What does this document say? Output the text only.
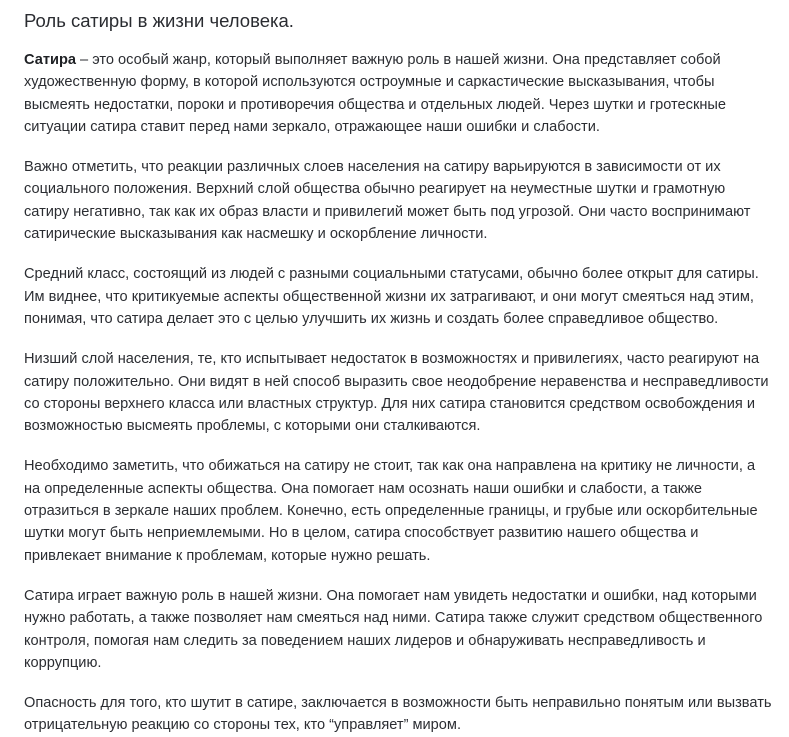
Роль сатиры в жизни человека.

Сатира – это особый жанр, который выполняет важную роль в нашей жизни. Она представляет собой художественную форму, в которой используются остроумные и саркастические высказывания, чтобы высмеять недостатки, пороки и противоречия общества и отдельных людей. Через шутки и гротескные ситуации сатира ставит перед нами зеркало, отражающее наши ошибки и слабости.

Важно отметить, что реакции различных слоев населения на сатиру варьируются в зависимости от их социального положения. Верхний слой общества обычно реагирует на неуместные шутки и грамотную сатиру негативно, так как их образ власти и привилегий может быть под угрозой. Они часто воспринимают сатирические высказывания как насмешку и оскорбление личности.

Средний класс, состоящий из людей с разными социальными статусами, обычно более открыт для сатиры. Им виднее, что критикуемые аспекты общественной жизни их затрагивают, и они могут смеяться над этим, понимая, что сатира делает это с целью улучшить их жизнь и создать более справедливое общество.

Низший слой населения, те, кто испытывает недостаток в возможностях и привилегиях, часто реагируют на сатиру положительно. Они видят в ней способ выразить свое неодобрение неравенства и несправедливости со стороны верхнего класса или властных структур. Для них сатира становится средством освобождения и возможностью высмеять проблемы, с которыми они сталкиваются.

Необходимо заметить, что обижаться на сатиру не стоит, так как она направлена на критику не личности, а на определенные аспекты общества. Она помогает нам осознать наши ошибки и слабости, а также отразиться в зеркале наших проблем. Конечно, есть определенные границы, и грубые или оскорбительные шутки могут быть неприемлемыми. Но в целом, сатира способствует развитию нашего общества и привлекает внимание к проблемам, которые нужно решать.

Сатира играет важную роль в нашей жизни. Она помогает нам увидеть недостатки и ошибки, над которыми нужно работать, а также позволяет нам смеяться над ними. Сатира также служит средством общественного контроля, помогая нам следить за поведением наших лидеров и обнаруживать несправедливость и коррупцию.

Опасность для того, кто шутит в сатире, заключается в возможности быть неправильно понятым или вызвать отрицательную реакцию со стороны тех, кто “управляет” миром.
